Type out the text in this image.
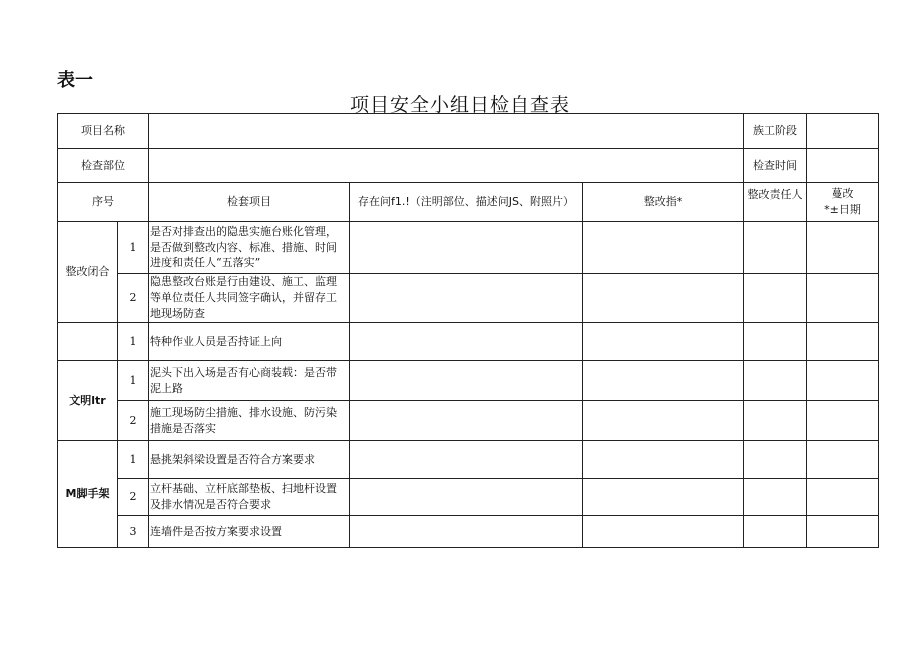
表一
项目安全小组日检自查表
项目名称					族工阶段	
检查部位					检查时间	
序号		检套项目	存在问f1.!（注明部位、描述问JS、附照片）	整改指*	整改责任人	蔓改
*±日期

整改闭合	1	是否对排查出的隐患实施台账化管理，是否做到整改内容、标准、措施、时间进度和责任人“五落实”				
	2	隐患整改台账是行由建设、施工、监理等单位责任人共同签字确认，并留存工地现场防查				
	1	特种作业人员是否持证上向				
文明ltr	1	泥头下出入场是否有心商装载：是否带泥上路				
	2	施工现场防尘措施、排水设施、防污染措施是否落实				
M脚手架	1	悬挑架斜梁设置是否符合方案要求				
	2	立杆基础、立杆底部垫板、扫地杆设置及排水情况是否符合要求				
	3	连墙件是否按方案要求设置				
